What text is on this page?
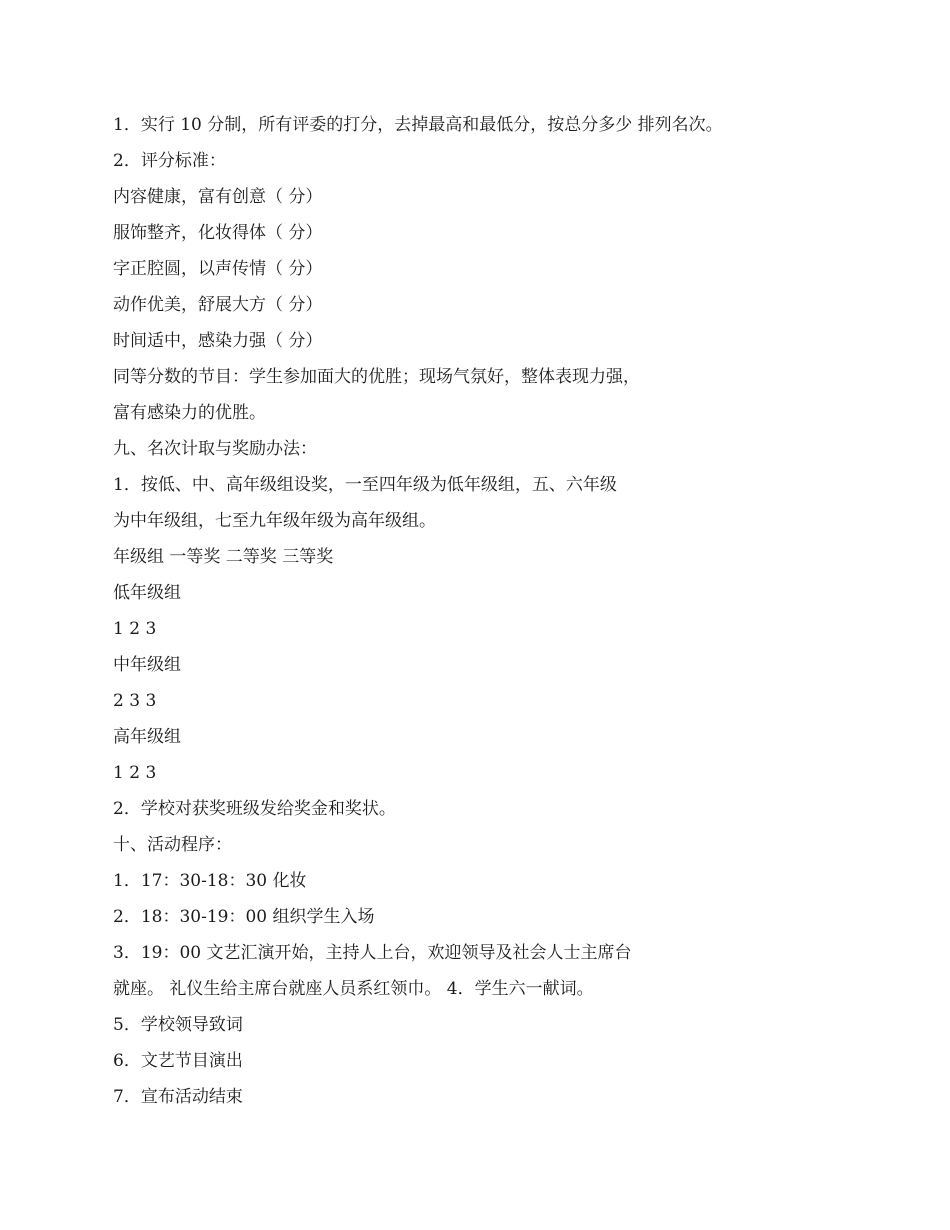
1．实行 10 分制，所有评委的打分，去掉最高和最低分，按总分多少 排列名次。

2．评分标准：

内容健康，富有创意（ 分）

服饰整齐，化妆得体（ 分）

字正腔圆，以声传情（ 分）

动作优美，舒展大方（ 分）

时间适中，感染力强（ 分）

同等分数的节目：学生参加面大的优胜；现场气氛好，整体表现力强，

富有感染力的优胜。

九、名次计取与奖励办法：

1．按低、中、高年级组设奖，一至四年级为低年级组，五、六年级

为中年级组，七至九年级年级为高年级组。

年级组 一等奖 二等奖 三等奖

低年级组

1 2 3

中年级组

2 3 3

高年级组

1 2 3

2．学校对获奖班级发给奖金和奖状。

十、活动程序：

1．17：30-18：30 化妆

2．18：30-19：00 组织学生入场

3．19：00 文艺汇演开始，主持人上台，欢迎领导及社会人士主席台

就座。 礼仪生给主席台就座人员系红领巾。 4．学生六一献词。

5．学校领导致词

6．文艺节目演出

7．宣布活动结束
